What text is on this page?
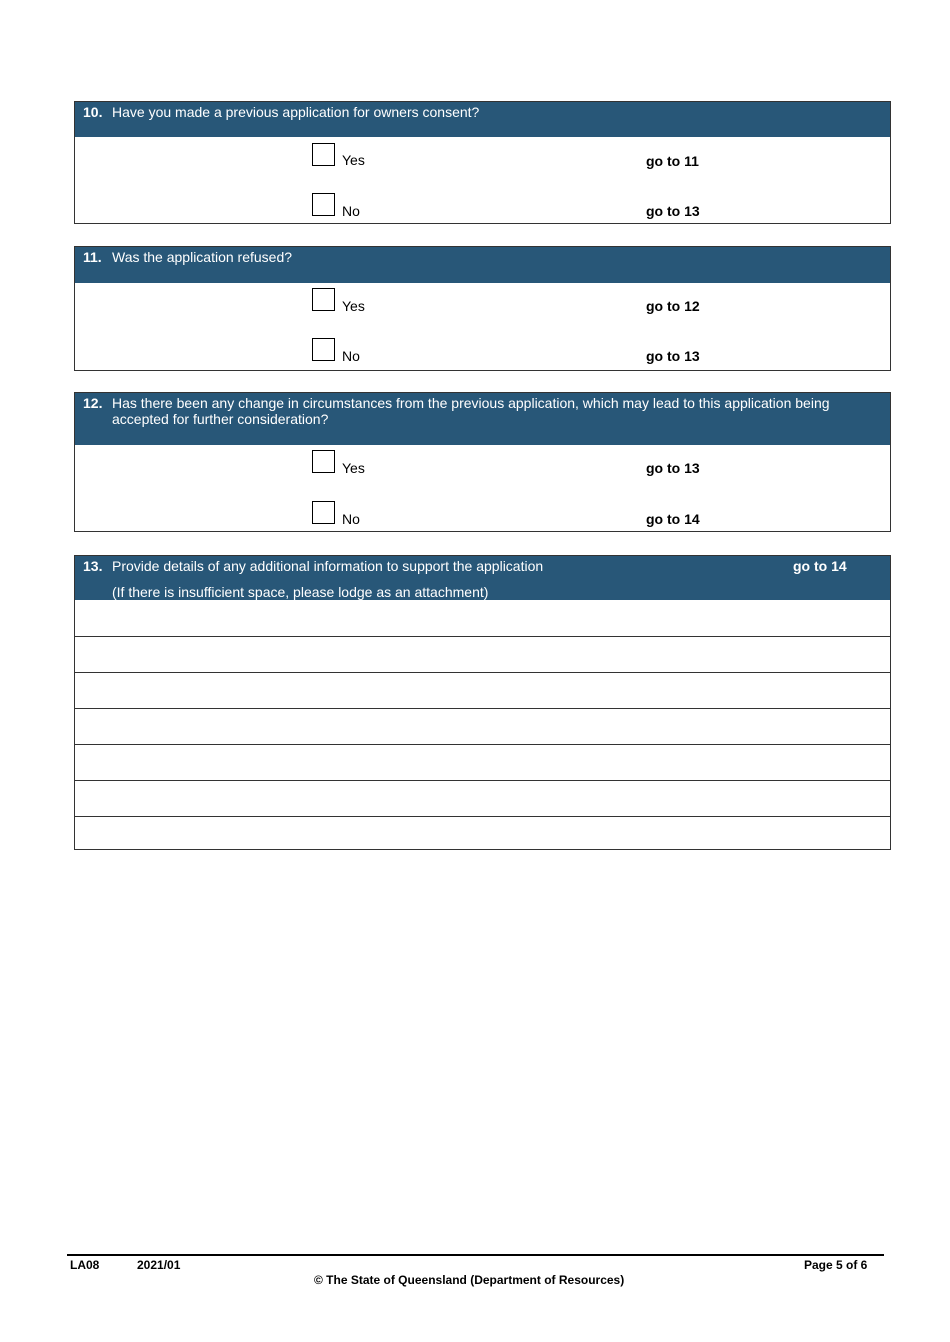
10. Have you made a previous application for owners consent?
Yes	go to 11
No	go to 13
11. Was the application refused?
Yes	go to 12
No	go to 13
12. Has there been any change in circumstances from the previous application, which may lead to this application being accepted for further consideration?
Yes	go to 13
No	go to 14
13. Provide details of any additional information to support the application
(If there is insufficient space, please lodge as an attachment)
go to 14
LA08	2021/01	Page 5 of 6
© The State of Queensland (Department of Resources)
